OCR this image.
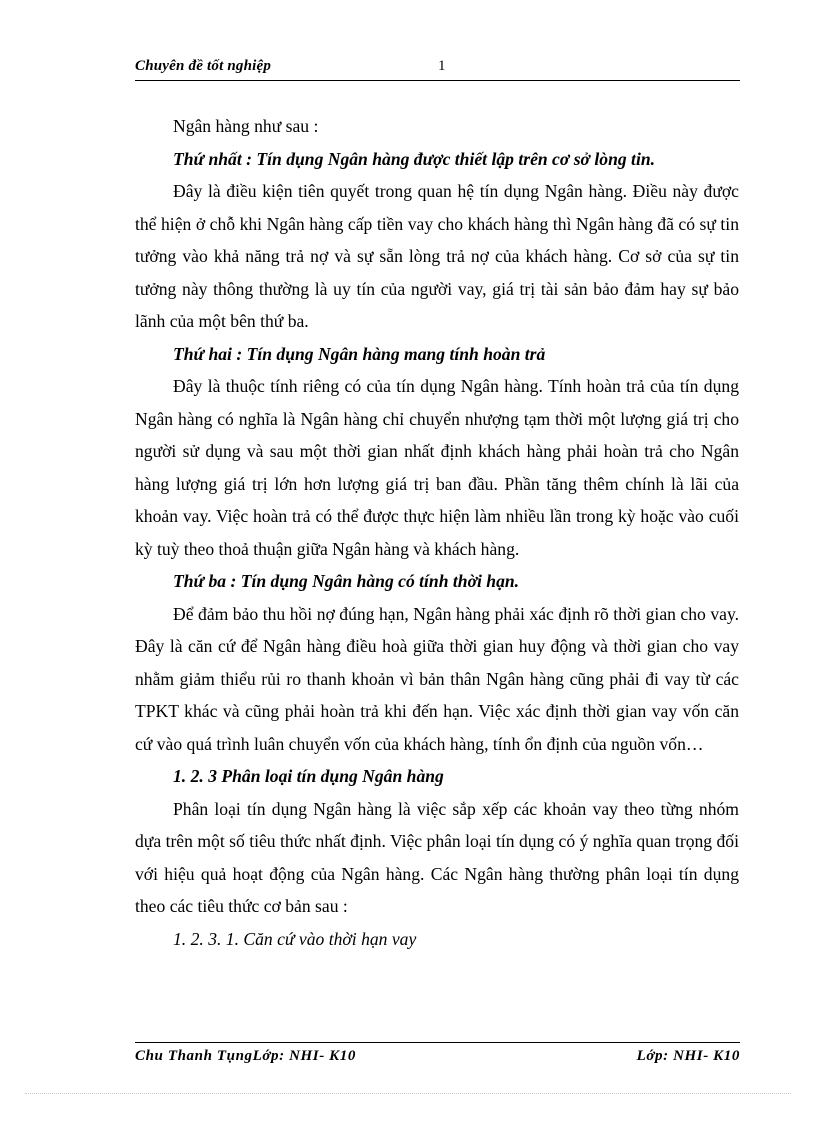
Chuyên đề tốt nghiệp	1

Ngân hàng như sau :

Thứ nhất : Tín dụng Ngân hàng được thiết lập trên cơ sở lòng tin.

Đây là điều kiện tiên quyết trong quan hệ tín dụng Ngân hàng. Điều này được thể hiện ở chỗ khi Ngân hàng cấp tiền vay cho khách hàng thì Ngân hàng đã có sự tin tưởng vào khả năng trả nợ và sự sẵn lòng trả nợ của khách hàng. Cơ sở của sự tin tưởng này thông thường là uy tín của người vay, giá trị tài sản bảo đảm hay sự bảo lãnh của một bên thứ ba.

Thứ hai : Tín dụng Ngân hàng mang tính hoàn trả

Đây là thuộc tính riêng có của tín dụng Ngân hàng. Tính hoàn trả của tín dụng Ngân hàng có nghĩa là Ngân hàng chỉ chuyển nhượng tạm thời một lượng giá trị cho người sử dụng và sau một thời gian nhất định khách hàng phải hoàn trả cho Ngân hàng lượng giá trị lớn hơn lượng giá trị ban đầu. Phần tăng thêm chính là lãi của khoản vay. Việc hoàn trả có thể được thực hiện làm nhiều lần trong kỳ hoặc vào cuối kỳ tuỳ theo thoả thuận giữa Ngân hàng và khách hàng.

Thứ ba : Tín dụng Ngân hàng có tính thời hạn.

Để đảm bảo thu hồi nợ đúng hạn, Ngân hàng phải xác định rõ thời gian cho vay. Đây là căn cứ để Ngân hàng điều hoà giữa thời gian huy động và thời gian cho vay nhằm giảm thiểu rủi ro thanh khoản vì bản thân Ngân hàng cũng phải đi vay từ các TPKT khác và cũng phải hoàn trả khi đến hạn. Việc xác định thời gian vay vốn căn cứ vào quá trình luân chuyển vốn của khách hàng, tính ổn định của nguồn vốn…

1. 2. 3 Phân loại tín dụng Ngân hàng

Phân loại tín dụng Ngân hàng là việc sắp xếp các khoản vay theo từng nhóm dựa trên một số tiêu thức nhất định. Việc phân loại tín dụng có ý nghĩa quan trọng đối với hiệu quả hoạt động của Ngân hàng. Các Ngân hàng thường phân loại tín dụng theo các tiêu thức cơ bản sau :

1. 2. 3. 1. Căn cứ vào thời hạn vay

Chu Thanh TụngLớp: NHI- K10	Lớp: NHI- K10
